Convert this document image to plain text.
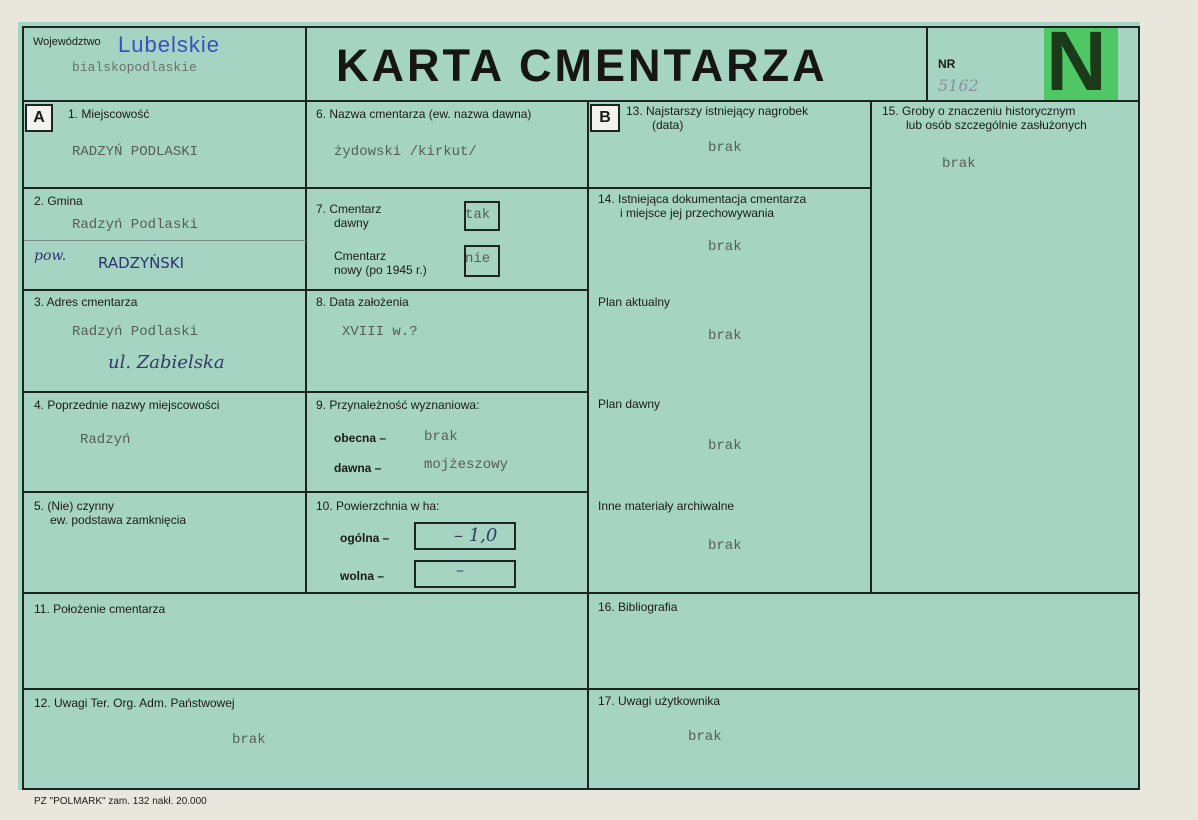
Województwo Lubelskie
bialskopodlaskie	KARTA CMENTARZA	NR
5162 N
A	B
1. Miejscowość
RADZYŃ PODLASKI
2. Gmina
Radzyń Podlaski
pow. RADZYŃSKI
3. Adres cmentarza
Radzyń Podlaski
ul. Zabielska
4. Poprzednie nazwy miejscowości
Radzyń
5. (Nie) czynny
ew. podstawa zamknięcia
6. Nazwa cmentarza (ew. nazwa dawna)
żydowski /kirkut/
7. Cmentarz
dawny	tak
Cmentarz
nowy (po 1945 r.)
nie
8. Data założenia
XVIII w.?
9. Przynależność wyznaniowa:
obecna –	brak
dawna –	mojżeszowy
10. Powierzchnia w ha:
ogólna –	– 1,0
wolna –	–
13. Najstarszy istniejący nagrobek
(data)
brak
14. Istniejąca dokumentacja cmentarza
i miejsce jej przechowywania
brak
Plan aktualny
brak
Plan dawny
brak
Inne materiały archiwalne
brak
15. Groby o znaczeniu historycznym
lub osób szczególnie zasłużonych
brak
11. Położenie cmentarza	16. Bibliografia
12. Uwagi Ter. Org. Adm. Państwowej
brak
17. Uwagi użytkownika
brak
PZ "POLMARK" zam. 132 nakł. 20.000
